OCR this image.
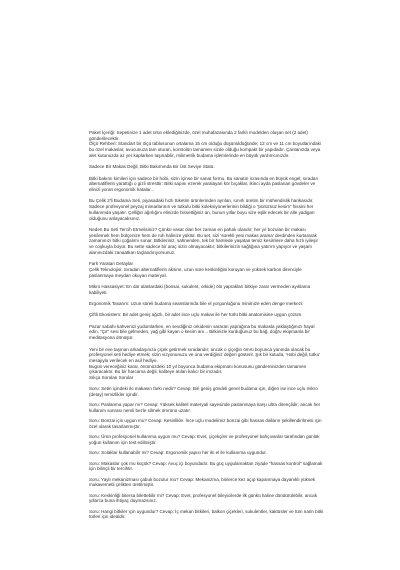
Paket İçeriği: Sepetinize 1 adet ürün eklediğinizde, özel muhafazasında 2 farklı modelden oluşan set (2 adet) gönderilecektir.

Ölçü Rehberi: Standart bir ölçü tablosunun ortalama 15 cm olduğu düşünüldüğünde; 12 cm ve 11 cm boyutlarındaki bu özel makaslar, avucunuza tam oturan, kontrolün tamamen sizde olduğu kompakt bir yapıdadır. Çantanızda veya alet kutunuzda az yer kaplarken taşınabilir, milimetrik budama işlemlerinde en büyük yardımcınızdır.

Sadece Bir Makas Değil, Bitki Bakımında Bir Üst Seviye Statü.

Bitki bakımı kimileri için sadece bir hobi, sizin içinse bir sanat formu. Bu sanatın icrasında en büyük engel, sıradan alternatiflerin yarattığı o gizli stresttir: Bitki sapını ezerek yaralayan kör bıçaklar, ikinci ayda paslanan gövdeler ve elinizi yoran ergonomik hatalar...

Bu Çelik 2'li Budama Seti, piyasadaki hızlı tüketim ürünlerinden ayrılan, sınırlı üretim bir mühendislik harikasıdır. Sadece profesyonel peyzaj mimarlarının ve tutkulu bitki koleksiyonerlerinin bildiği o "pürüzsüz kesim" hissini her kullanımda yaşatır. Çelliğin ağırlığını elinizde hissettiğiniz an, bunun yıllar boyu size eşlik edecek bir alle yadigarı olduğunu anlayacaksınız.

Neden Bu Seti Tercih Etmelisiniz? Çünkü vasat olan her zaman en pahalı olandır; her yıl bozulan bir makası yenilemek hem bütçenize hem de ruh halinize yüktür. Bu set, sizi 'sürekli yeni makas arama' derdinden kurtararak zamanınızı bitki çoğalımı sunar. Bitkileriniz, sahnenden, tek bir hamlede yaşatan temiz kesimlere daha hızlı iyileşir ve coşkuyla büyür. Bu sette sadece bir araç sizin olmayacaktır; bitkilerinizin sağlığına yatırım yapıyor ve yaşam alanınızdaki zanaatkarı taçlandırıyorsunuz.

Fark Yaratan Detaylar

Çelik Teknolojisi: Sıradan alternatiflerin aksine, uzun süre keskinliğini koruyan ve yüksek karbon direnciyle paslanmaya meydan okuyan materyal.

Mikro Hassasiyet: En dar alanlardaki (bonsai, sukulent, orkide) ölü yaprakları bitkiye zarar vermeden ayıklama kabiliyeti.

Ergonomik Tasarım: Uzun süreli budama seanslarında bile el yorgunluğunu minimize eden denge merkezi.

Çiftli Ekosistem: Bir adet geniş ağızlı, bir adet ince uçlu makas ile her türlü bitki anatomisine uygun çözüm.

Pazar sabahı kahvenizi yudumlarken, en sevdiğiniz orkidenin sararan yaprağına bu makasla yaklaştığınızı hayal edin. "Çıt" sesi bile gelmeden, yağ gibi kayan o kesim anı... Bitkinizle kurduğunuz bu bağ, doğru ekipmanla bir meditasyona dönüşür.

Yeni bir eve taşınan arkadaşınıza çiçek getirmek sıradandır; ancak o çiçeğin ömrü boyunca yanında olacak bu profesyonel seti hediye etmek; sizin vizyonunuzu ve ona verdiğiniz değeri gösterir. Şık bir kutuda, 'Hobi değil, tutku' mesajıyla verilecek en asil hediye.

Bugün vereceğiniz karar, önümüzdeki 10 yıl boyunca budama ekipmanı konusunu gündeminizden tamamen çıkaracaktır. Bu bir harcama değil, kaliteye atılan kalıcı bir imzadır.

Sıkça Sorulan Sorular

Soru: Setin içindeki iki makasın farkı nedir? Cevap: Biri geniş gövdeli genel budama için, diğeri ise ince uçlu mikro (detay) temizlikler içindir.

Soru: Paslanma yapar mı? Cevap: Yüksek kaliteli materyali sayesinde paslanmaya karşı ultra dirençlidir; ancak her kullanım sonrası nemli bezle silmek ömrünü uzatır.

Soru: Bonzai için uygun mu? Cevap: Kesinlikle. İnce uçlu modelimiz bonzai gibi hassas dalların şekillendirilmesi için özel olarak tasarlanmıştır.

Soru: Ürün profesyonel kullanıma uygun mu? Cevap: Evet, çiçekçiler ve profesyonel bahçıvanlar tarafından günlük yoğun kullanım için test edilmiştir.

Soru: Solaklar kullanabilir mi? Cevap: Ergonomik yapısı her iki el ile kullanıma uygundur.

Soru: Makaslar çok mu küçük? Cevap: Avuç içi boyundadır. Bu güç uygulamaktan ziyade "hassas kontrol" sağlamak için bilinçli bir tercihtir.

Soru: Yaylı mekanizması çabuk bozulur mu? Cevap: Mekanizma, binlerce kez açıp kapanmaya dayanıklı yüksek mukavemetli çelikten üretilmiştir.

Soru: Keskinliği bitersa bilettebilir mi? Cevap: Evet, profesyonel bileyicilerde ilk günkü haline döndürülebilir, ancak yıllarca buna ihtiyaç duymazsınız.

Soru: Hangi bitkiler için uygundur? Cevap: İç mekan bitkileri, balkon çiçekleri, sukulentler, kaktüsler ve tüm narin bitki türleri için idealdir.
